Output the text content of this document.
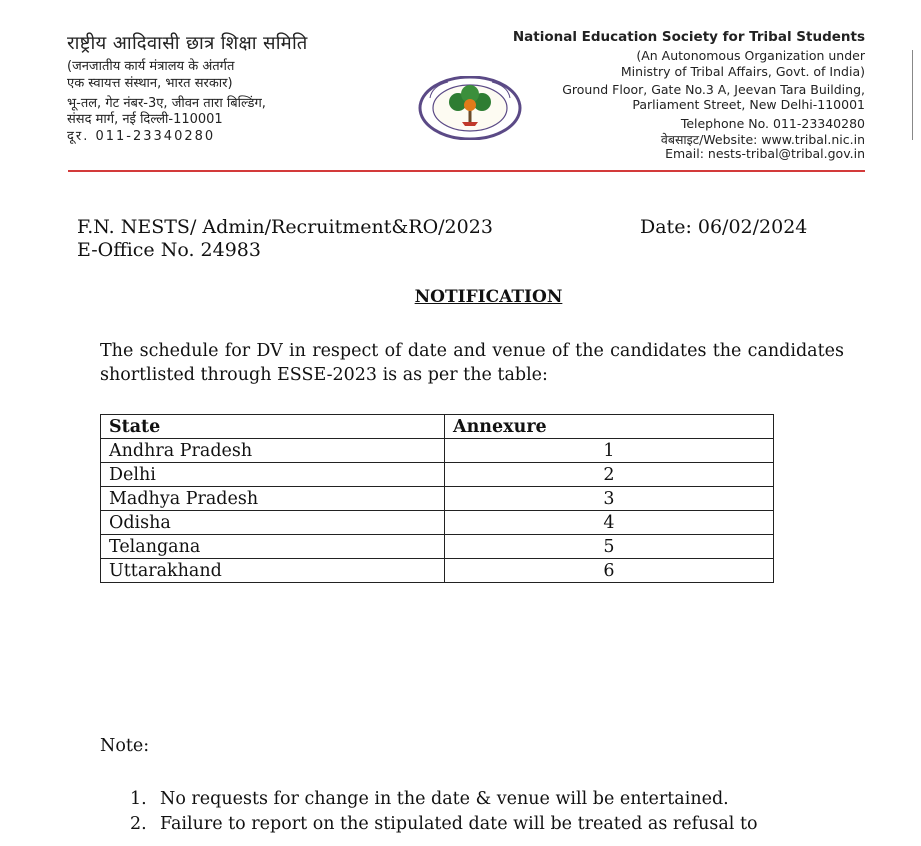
राष्ट्रीय आदिवासी छात्र शिक्षा समिति
(जनजातीय कार्य मंत्रालय के अंतर्गत
एक स्वायत्त संस्थान, भारत सरकार)
भू-तल, गेट नंबर-3ए, जीवन तारा बिल्डिंग,
संसद मार्ग, नई दिल्ली-110001
दूर. 011-23340280
National Education Society for Tribal Students
(An Autonomous Organization under
Ministry of Tribal Affairs, Govt. of India)
Ground Floor, Gate No.3 A, Jeevan Tara Building,
Parliament Street, New Delhi-110001
Telephone No. 011-23340280
वेबसाइट/Website: www.tribal.nic.in
Email: nests-tribal@tribal.gov.in
F.N. NESTS/ Admin/Recruitment&RO/2023
E-Office No. 24983
Date: 06/02/2024
NOTIFICATION
The schedule for DV in respect of date and venue of the candidates the candidates shortlisted through ESSE-2023 is as per the table:
State	Annexure
Andhra Pradesh	1
Delhi	2
Madhya Pradesh	3
Odisha	4
Telangana	5
Uttarakhand	6
Note:
1. No requests for change in the date & venue will be entertained.
2. Failure to report on the stipulated date will be treated as refusal to
